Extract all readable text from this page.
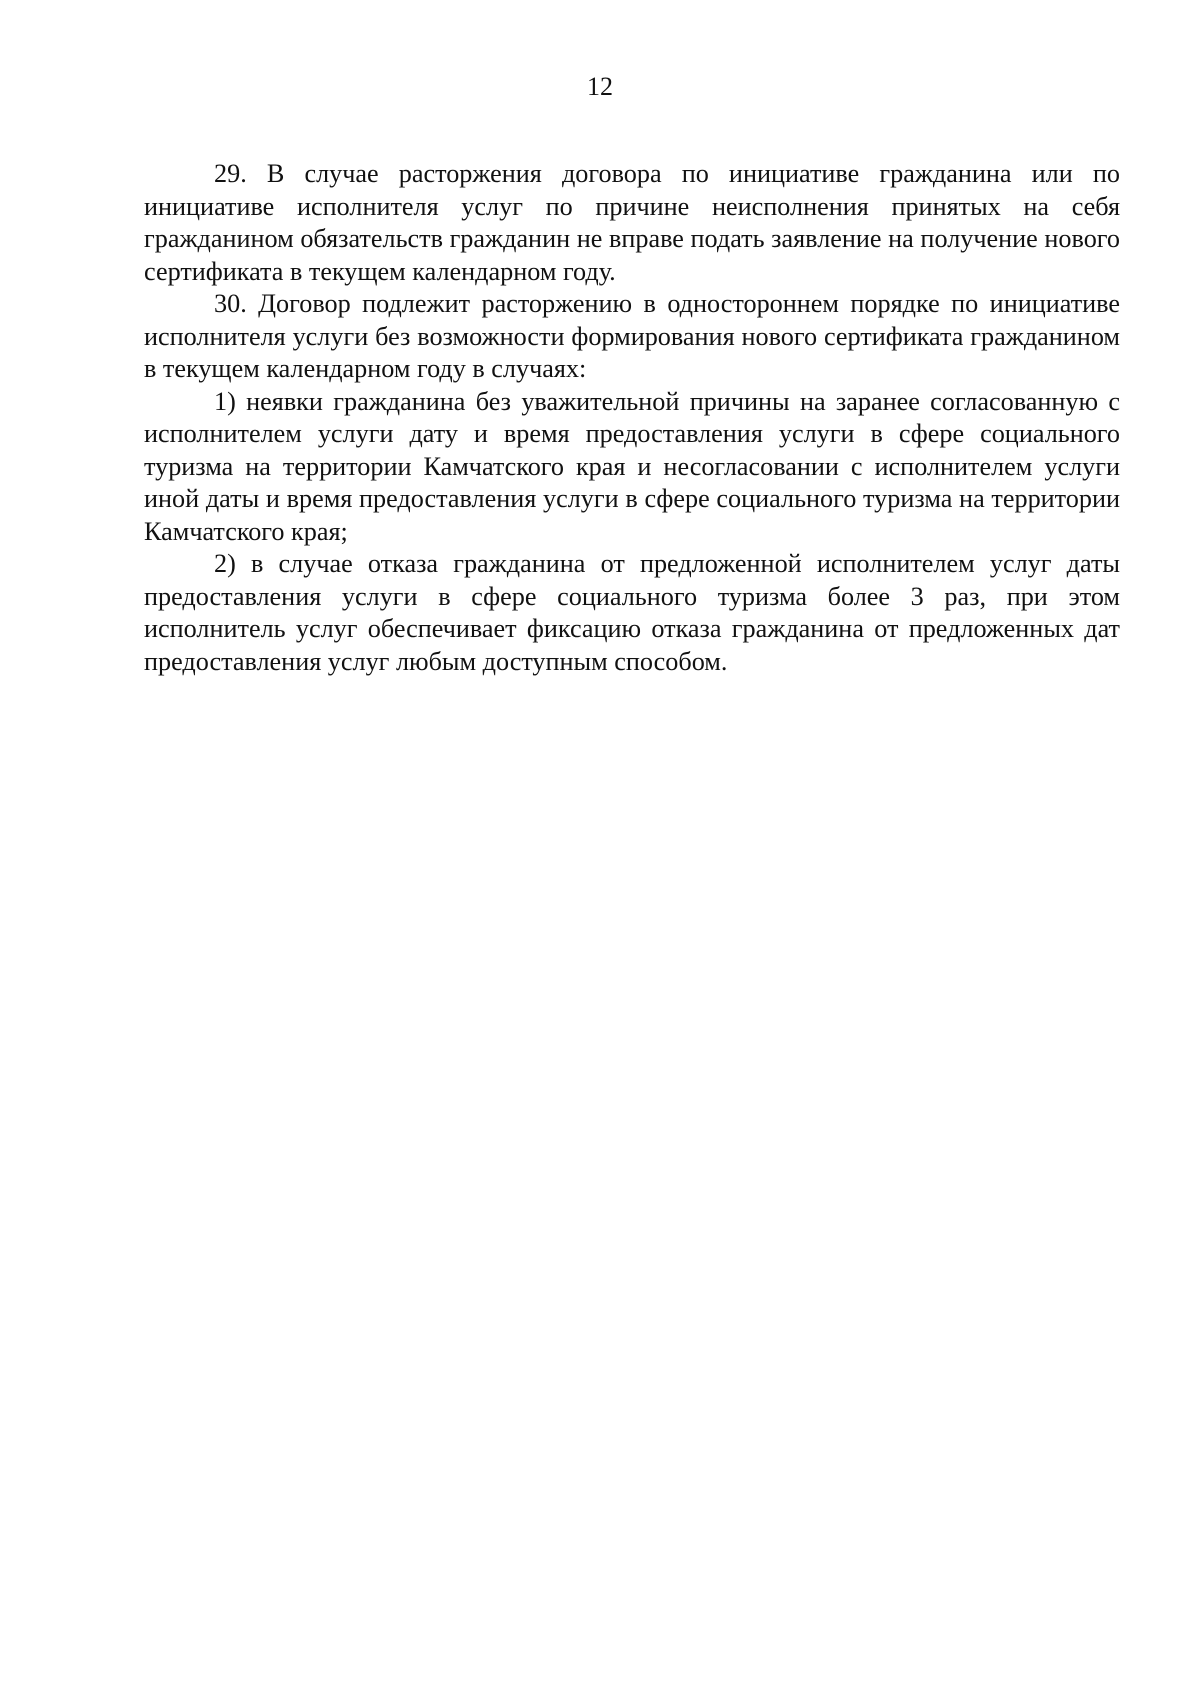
12

29. В случае расторжения договора по инициативе гражданина или по инициативе исполнителя услуг по причине неисполнения принятых на себя гражданином обязательств гражданин не вправе подать заявление на получение нового сертификата в текущем календарном году.

30. Договор подлежит расторжению в одностороннем порядке по инициативе исполнителя услуги без возможности формирования нового сертификата гражданином в текущем календарном году в случаях:

1) неявки гражданина без уважительной причины на заранее согласованную с исполнителем услуги дату и время предоставления услуги в сфере социального туризма на территории Камчатского края и несогласовании с исполнителем услуги иной даты и время предоставления услуги в сфере социального туризма на территории Камчатского края;

2) в случае отказа гражданина от предложенной исполнителем услуг даты предоставления услуги в сфере социального туризма более 3 раз, при этом исполнитель услуг обеспечивает фиксацию отказа гражданина от предложенных дат предоставления услуг любым доступным способом.
